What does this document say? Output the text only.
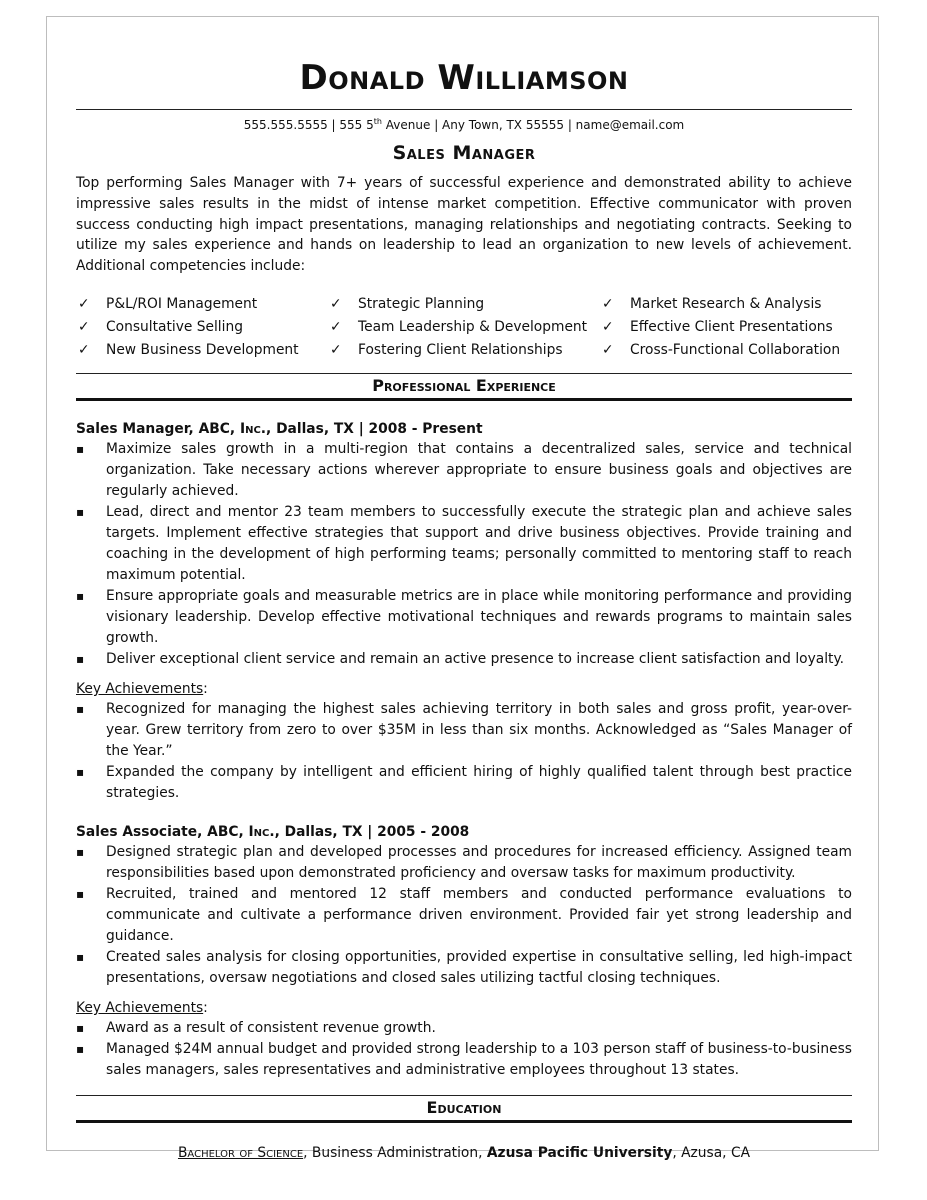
Donald Williamson
555.555.5555 | 555 5th Avenue | Any Town, TX 55555 | name@email.com
Sales Manager
Top performing Sales Manager with 7+ years of successful experience and demonstrated ability to achieve impressive sales results in the midst of intense market competition. Effective communicator with proven success conducting high impact presentations, managing relationships and negotiating contracts. Seeking to utilize my sales experience and hands on leadership to lead an organization to new levels of achievement. Additional competencies include:
✓	P&L/ROI Management	✓	Strategic Planning	✓	Market Research & Analysis
✓	Consultative Selling	✓	Team Leadership & Development ✓	Effective Client Presentations
✓	New Business Development ✓	Fostering Client Relationships	✓	Cross-Functional Collaboration
Professional Experience
Sales Manager, ABC, Inc., Dallas, TX | 2008 - Present
▪ Maximize sales growth in a multi-region that contains a decentralized sales, service and technical organization. Take necessary actions wherever appropriate to ensure business goals and objectives are regularly achieved.
▪ Lead, direct and mentor 23 team members to successfully execute the strategic plan and achieve sales targets. Implement effective strategies that support and drive business objectives. Provide training and coaching in the development of high performing teams; personally committed to mentoring staff to reach maximum potential.
▪ Ensure appropriate goals and measurable metrics are in place while monitoring performance and providing visionary leadership. Develop effective motivational techniques and rewards programs to maintain sales growth.
▪ Deliver exceptional client service and remain an active presence to increase client satisfaction and loyalty.
Key Achievements:
▪ Recognized for managing the highest sales achieving territory in both sales and gross profit, year-over-year. Grew territory from zero to over $35M in less than six months. Acknowledged as “Sales Manager of the Year.”
▪ Expanded the company by intelligent and efficient hiring of highly qualified talent through best practice strategies.
Sales Associate, ABC, Inc., Dallas, TX | 2005 - 2008
▪ Designed strategic plan and developed processes and procedures for increased efficiency. Assigned team responsibilities based upon demonstrated proficiency and oversaw tasks for maximum productivity.
▪ Recruited, trained and mentored 12 staff members and conducted performance evaluations to communicate and cultivate a performance driven environment. Provided fair yet strong leadership and guidance.
▪ Created sales analysis for closing opportunities, provided expertise in consultative selling, led high-impact presentations, oversaw negotiations and closed sales utilizing tactful closing techniques.
Key Achievements:
▪ Award as a result of consistent revenue growth.
▪ Managed $24M annual budget and provided strong leadership to a 103 person staff of business-to-business sales managers, sales representatives and administrative employees throughout 13 states.
Education
Bachelor of Science, Business Administration, Azusa Pacific University, Azusa, CA
